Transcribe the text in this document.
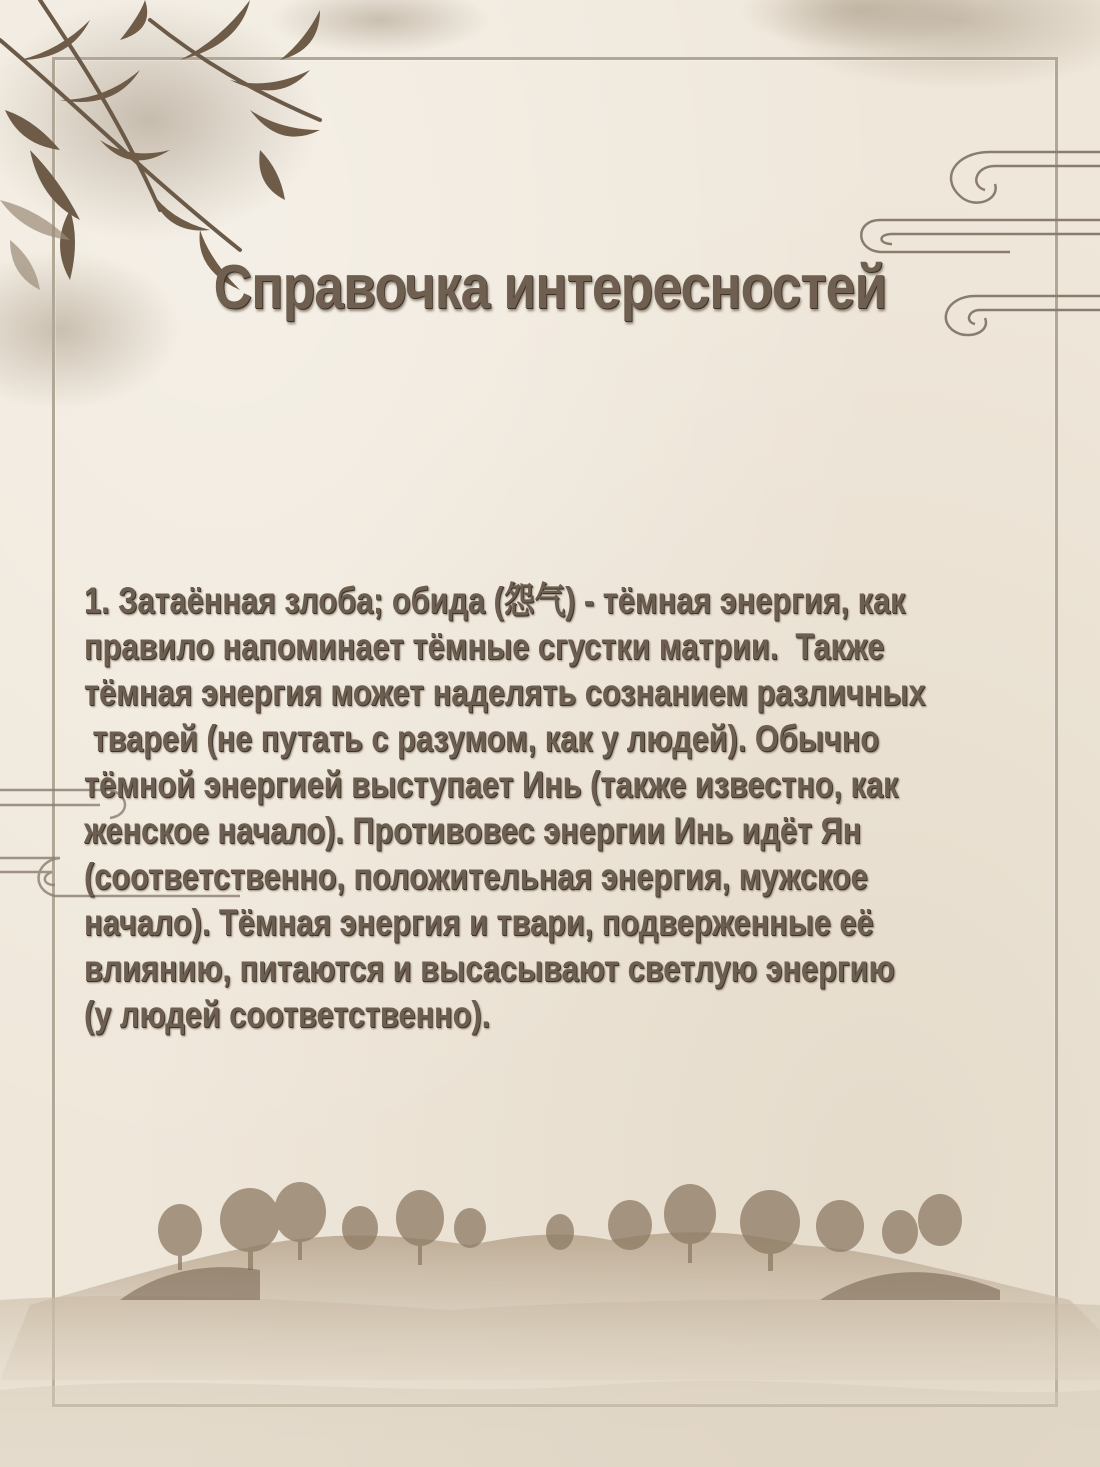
Справочка интересностей
1. Затаённая злоба; обида (怨气) - тёмная энергия, как
правило напоминает тёмные сгустки матрии.  Также
тёмная энергия может наделять сознанием различных
тварей (не путать с разумом, как у людей). Обычно
тёмной энергией выступает Инь (также известно, как
женское начало). Противовес энергии Инь идёт Ян
(соответственно, положительная энергия, мужское
начало). Тёмная энергия и твари, подверженные её
влиянию, питаются и высасывают светлую энергию
(у людей соответственно).
